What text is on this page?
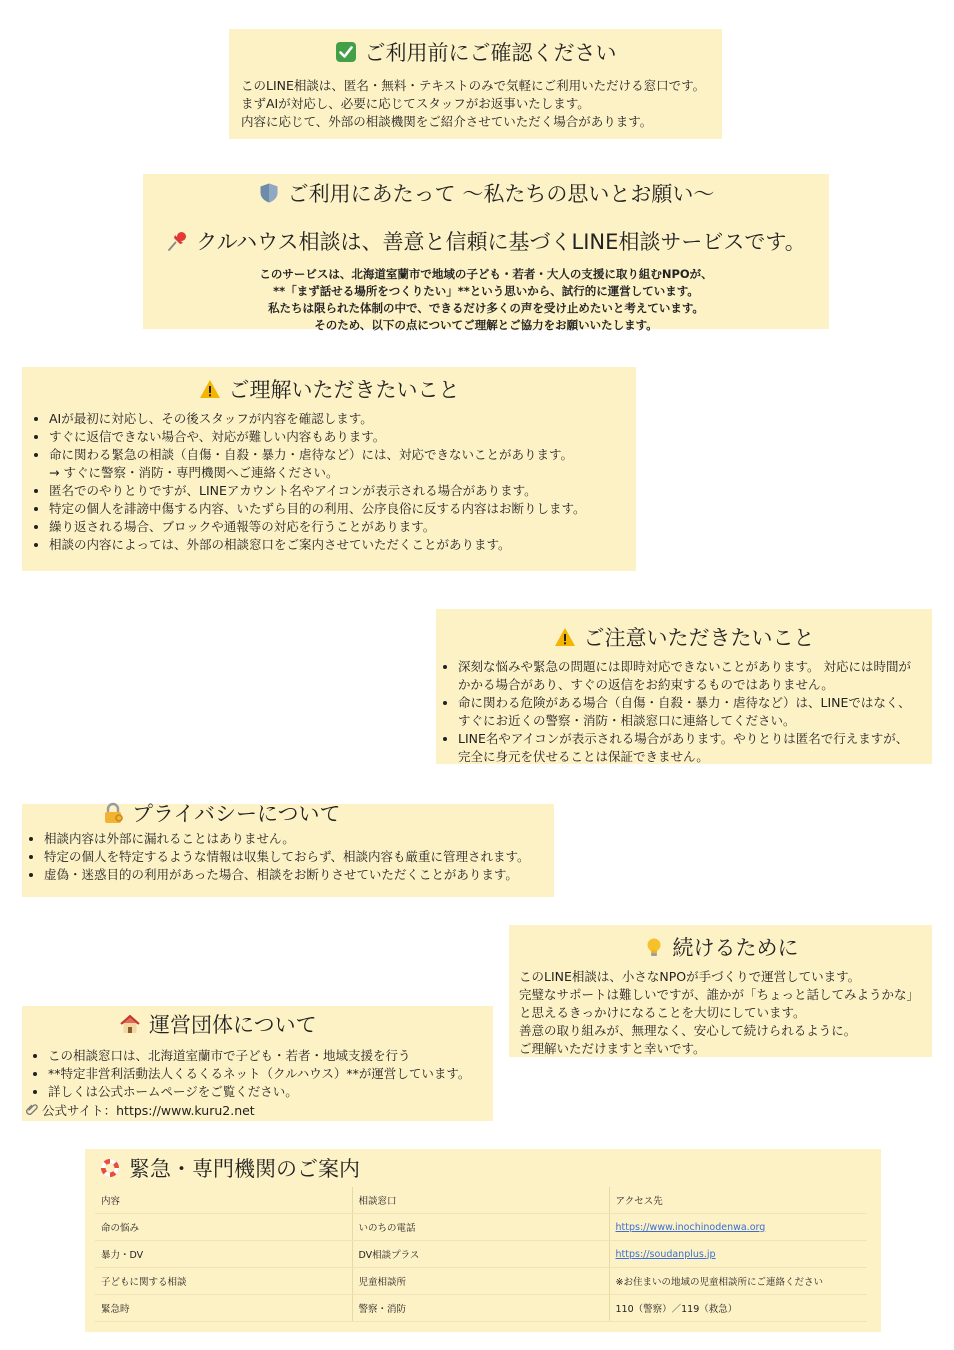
ご利用前にご確認ください

このLINE相談は、匿名・無料・テキストのみで気軽にご利用いただける窓口です。

まずAIが対応し、必要に応じてスタッフがお返事いたします。

内容に応じて、外部の相談機関をご紹介させていただく場合があります。

ご利用にあたって 〜私たちの思いとお願い〜
クルハウス相談は、善意と信頼に基づくLINE相談サービスです。

このサービスは、北海道室蘭市で地域の子ども・若者・大人の支援に取り組むNPOが、

**「まず話せる場所をつくりたい」**という思いから、試行的に運営しています。

私たちは限られた体制の中で、できるだけ多くの声を受け止めたいと考えています。

そのため、以下の点についてご理解とご協力をお願いいたします。

ご理解いただきたいこと
• AIが最初に対応し、その後スタッフが内容を確認します。
• すぐに返信できない場合や、対応が難しい内容もあります。
• 命に関わる緊急の相談（自傷・自殺・暴力・虐待など）には、対応できないことがあります。
→ すぐに警察・消防・専門機関へご連絡ください。
• 匿名でのやりとりですが、LINEアカウント名やアイコンが表示される場合があります。
• 特定の個人を誹謗中傷する内容、いたずら目的の利用、公序良俗に反する内容はお断りします。
• 繰り返される場合、ブロックや通報等の対応を行うことがあります。
• 相談の内容によっては、外部の相談窓口をご案内させていただくことがあります。
ご注意いただきたいこと
• 深刻な悩みや緊急の問題には即時対応できないことがあります。 対応には時間が
かかる場合があり、すぐの返信をお約束するものではありません。
• 命に関わる危険がある場合（自傷・自殺・暴力・虐待など）は、LINEではなく、
すぐにお近くの警察・消防・相談窓口に連絡してください。
• LINE名やアイコンが表示される場合があります。やりとりは匿名で行えますが、
完全に身元を伏せることは保証できません。
プライバシーについて
• 相談内容は外部に漏れることはありません。
• 特定の個人を特定するような情報は収集しておらず、相談内容も厳重に管理されます。
• 虚偽・迷惑目的の利用があった場合、相談をお断りさせていただくことがあります。
続けるために

このLINE相談は、小さなNPOが手づくりで運営しています。

完璧なサポートは難しいですが、誰かが「ちょっと話してみようかな」

と思えるきっかけになることを大切にしています。

善意の取り組みが、無理なく、安心して続けられるように。

ご理解いただけますと幸いです。

運営団体について
• この相談窓口は、北海道室蘭市で子ども・若者・地域支援を行う
• **特定非営利活動法人くるくるネット（クルハウス）**が運営しています。
• 詳しくは公式ホームページをご覧ください。
公式サイト：https://www.kuru2.net
緊急・専門機関のご案内
内容	相談窓口	アクセス先
命の悩み	いのちの電話	https://www.inochinodenwa.org
暴力・DV	DV相談プラス	https://soudanplus.jp
子どもに関する相談	児童相談所	※お住まいの地域の児童相談所にご連絡ください
緊急時	警察・消防	110（警察）／119（救急）
